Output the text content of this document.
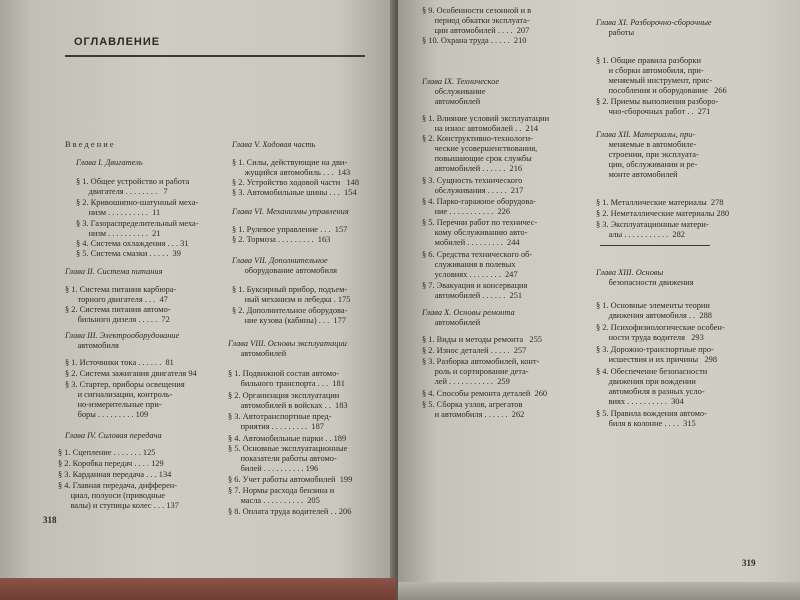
ОГЛАВЛЕНИЕ
В в е д е н и е
Глава I. Двигатель
§ 1. Общее устройство и работа
двигателя . . . . . . . .   7
§ 2. Кривошипно-шатунный меха-
низм . . . . . . . . . .  11
§ 3. Газораспределительный меха-
низм . . . . . . . . . .  21
§ 4. Система охлаждения . . . 31
§ 5. Система смазки . . . . .  39
Глава II. Система питания
§ 1. Система питания карбюра-
торного двигателя . . .  47
§ 2. Система питания автомо-
бильного дизеля . . . . .  72
Глава III. Электрооборудование
автомобиля
§ 1. Источники тока . . . . . .  81
§ 2. Система зажигания двигателя 94
§ 3. Стартер, приборы освещения
и сигнализации, контроль-
но-измерительные при-
боры . . . . . . . . . 109
Глава IV. Силовая передача
§ 1. Сцепление . . . . . . . 125
§ 2. Коробка передач . . . . 129
§ 3. Карданная передача . . . 134
§ 4. Главная передача, дифферен-
циал, полуоси (приводные
валы) и ступицы колес . . . 137
Глава V. Ходовая часть
§ 1. Силы, действующие на дви-
жущийся автомобиль . . .  143
§ 2. Устройство ходовой части   148
§ 3. Автомобильные шины . . .  154
Глава VI. Механизмы управления
§ 1. Рулевое управление . . .  157
§ 2. Тормоза . . . . . . . . .  163
Глава VII. Дополнительное
оборудование автомобиля
§ 1. Буксирный прибор, подъем-
ный механизм и лебедка . 175
§ 2. Дополнительное оборудова-
ние кузова (кабины) . . .  177
Глава VIII. Основы эксплуатации
автомобилей
§ 1. Подвижной состав автомо-
бильного транспорта . . .  181
§ 2. Организация эксплуатации
автомобилей в войсках . .  183
§ 3. Автотранспортные пред-
приятия . . . . . . . . .  187
§ 4. Автомобильные парки . . 189
§ 5. Основные эксплуатационные
показатели работы автомо-
билей . . . . . . . . . . 196
§ 6. Учет работы автомобилей  199
§ 7. Нормы расхода бензина и
масла . . . . . . . . . .  205
§ 8. Оплата труда водителей . . 206
318
§ 9. Особенности сезонной и в
период обкатки эксплуата-
ции автомобилей . . . .  207
§ 10. Охрана труда . . . . .  210
Глава IX. Техническое
обслуживание
автомобилей
§ 1. Влияние условий эксплуатации
на износ автомобилей . .  214
§ 2. Конструктивно-технологи-
ческие усовершенствования,
повышающие срок службы
автомобилей . . . . . .  216
§ 3. Сущность технического
обслуживания . . . . .  217
§ 4. Парко-гаражное оборудова-
ние . . . . . . . . . . .  226
§ 5. Перечни работ по техничес-
кому обслуживанию авто-
мобилей . . . . . . . . .  244
§ 6. Средства технического об-
служивания в полевых
условиях . . . . . . . .  247
§ 7. Эвакуация и консервация
автомобилей . . . . . .  251
Глава X. Основы ремонта
автомобилей
§ 1. Виды и методы ремонта   255
§ 2. Износ деталей . . . . .  257
§ 3. Разборка автомобилей, конт-
роль и сортирование дета-
лей . . . . . . . . . . .  259
§ 4. Способы ремонта деталей  260
§ 5. Сборка узлов, агрегатов
и автомобиля . . . . . .  262
Глава XI. Разборочно-сборочные
работы
§ 1. Общие правила разборки
и сборки автомобиля, при-
меняемый инструмент, прис-
пособления и оборудование   266
§ 2. Приемы выполнения разборо-
чно-сборочных работ . .  271
Глава XII. Материалы, при-
меняемые в автомобиле-
строении, при эксплуата-
ции, обслуживании и ре-
монте автомобилей
§ 1. Металлические материалы  278
§ 2. Неметаллические материалы 280
§ 3. Эксплуатационные матери-
алы . . . . . . . . . . .  282
Глава XIII. Основы
безопасности движения
§ 1. Основные элементы теории
движения автомобиля . .  288
§ 2. Психофизиологические особен-
ности труда водителя   293
§ 3. Дорожно-транспортные про-
исшествия и их причины   298
§ 4. Обеспечение безопасности
движения при вождении
автомобиля в разных усло-
виях . . . . . . . . . .  304
§ 5. Правила вождения автомо-
биля в колонне . . . .  315
319
